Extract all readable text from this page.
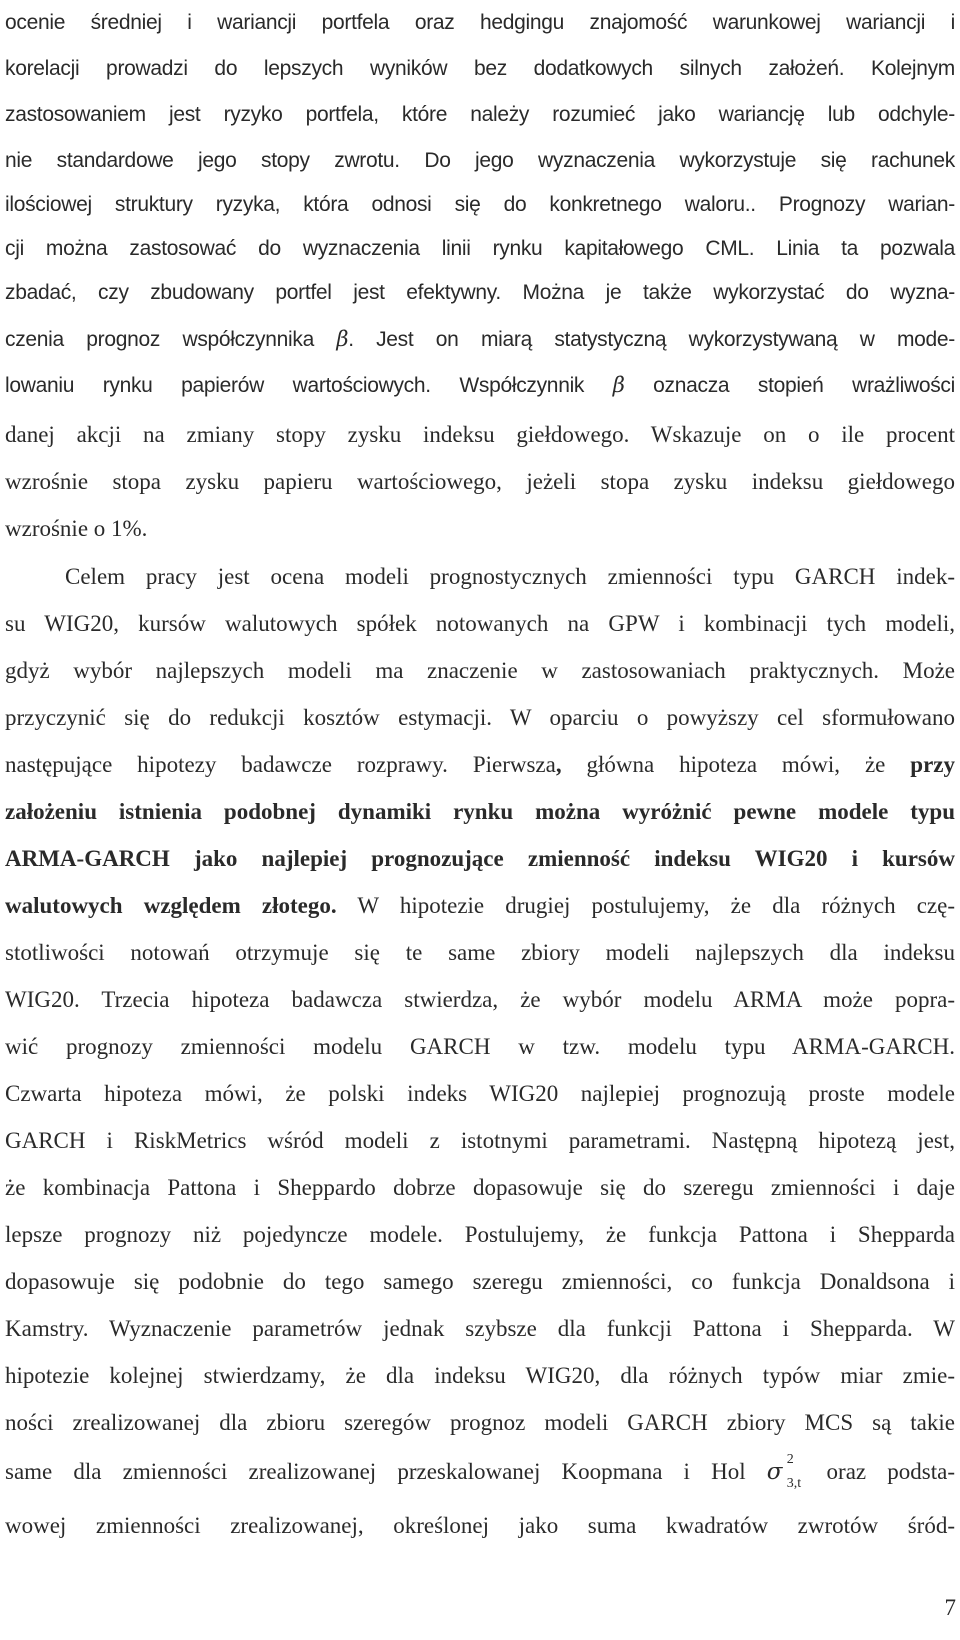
ocenie średniej i wariancji portfela oraz hedgingu znajomość warunkowej wariancji i
korelacji prowadzi do lepszych wyników bez dodatkowych silnych założeń. Kolejnym
zastosowaniem jest ryzyko portfela, które należy rozumieć jako wariancję lub odchyle-
nie standardowe jego stopy zwrotu. Do jego wyznaczenia wykorzystuje się rachunek
ilościowej struktury ryzyka, która odnosi się do konkretnego waloru.. Prognozy warian-
cji można zastosować do wyznaczenia linii rynku kapitałowego CML. Linia ta pozwala
zbadać, czy zbudowany portfel jest efektywny. Można je także wykorzystać do wyzna-
czenia prognoz współczynnika β. Jest on miarą statystyczną wykorzystywaną w mode-
lowaniu rynku papierów wartościowych. Współczynnik β oznacza stopień wrażliwości
danej akcji na zmiany stopy zysku indeksu giełdowego. Wskazuje on o ile procent
wzrośnie stopa zysku papieru wartościowego, jeżeli stopa zysku indeksu giełdowego
wzrośnie o 1%.
Celem pracy jest ocena modeli prognostycznych zmienności typu GARCH indek-
su WIG20, kursów walutowych spółek notowanych na GPW i kombinacji tych modeli,
gdyż wybór najlepszych modeli ma znaczenie w zastosowaniach praktycznych. Może
przyczynić się do redukcji kosztów estymacji. W oparciu o powyższy cel sformułowano
następujące hipotezy badawcze rozprawy. Pierwsza, główna hipoteza mówi, że przy
założeniu istnienia podobnej dynamiki rynku można wyróżnić pewne modele typu
ARMA-GARCH jako najlepiej prognozujące zmienność indeksu WIG20 i kursów
walutowych względem złotego. W hipotezie drugiej postulujemy, że dla różnych czę-
stotliwości notowań otrzymuje się te same zbiory modeli najlepszych dla indeksu
WIG20. Trzecia hipoteza badawcza stwierdza, że wybór modelu ARMA może popra-
wić prognozy zmienności modelu GARCH w tzw. modelu typu ARMA-GARCH.
Czwarta hipoteza mówi, że polski indeks WIG20 najlepiej prognozują proste modele
GARCH i RiskMetrics wśród modeli z istotnymi parametrami. Następną hipotezą jest,
że kombinacja Pattona i Sheppardo dobrze dopasowuje się do szeregu zmienności i daje
lepsze prognozy niż pojedyncze modele. Postulujemy, że funkcja Pattona i Shepparda
dopasowuje się podobnie do tego samego szeregu zmienności, co funkcja Donaldsona i
Kamstry. Wyznaczenie parametrów jednak szybsze dla funkcji Pattona i Shepparda. W
hipotezie kolejnej stwierdzamy, że dla indeksu WIG20, dla różnych typów miar zmie-
ności zrealizowanej dla zbioru szeregów prognoz modeli GARCH zbiory MCS są takie
same dla zmienności zrealizowanej przeskalowanej Koopmana i Hol σ 2
3,t oraz podsta-
wowej zmienności zrealizowanej, określonej jako suma kwadratów zwrotów śród-
7
